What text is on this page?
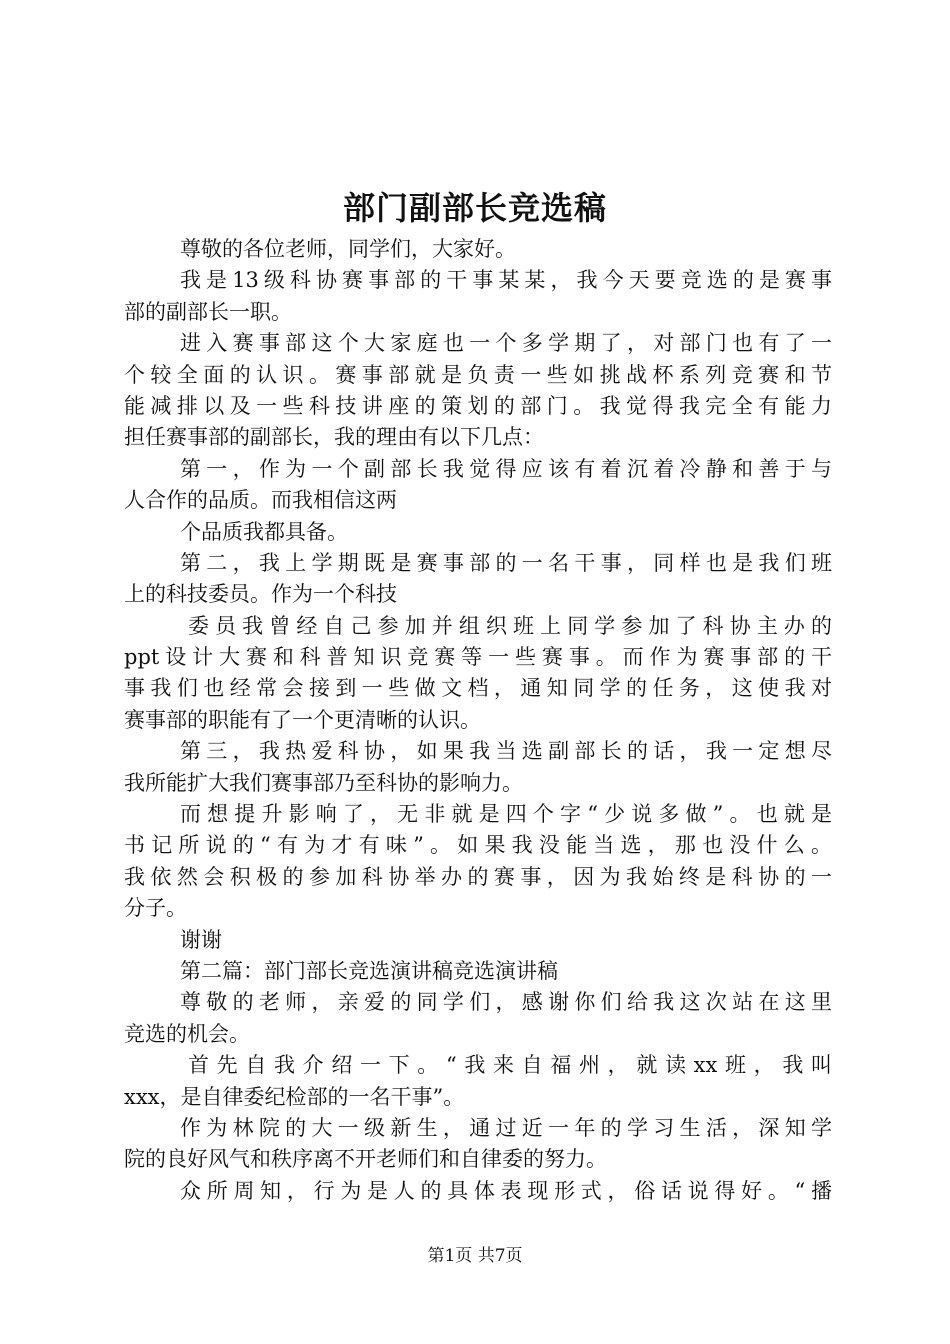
部门副部长竞选稿
尊敬的各位老师，同学们，大家好。
我是13级科协赛事部的干事某某，我今天要竞选的是赛事
部的副部长一职。
进入赛事部这个大家庭也一个多学期了，对部门也有了一
个较全面的认识。赛事部就是负责一些如挑战杯系列竞赛和节
能减排以及一些科技讲座的策划的部门。我觉得我完全有能力
担任赛事部的副部长，我的理由有以下几点：
第一，作为一个副部长我觉得应该有着沉着冷静和善于与
人合作的品质。而我相信这两
个品质我都具备。
第二，我上学期既是赛事部的一名干事，同样也是我们班
上的科技委员。作为一个科技
委员我曾经自己参加并组织班上同学参加了科协主办的
ppt设计大赛和科普知识竞赛等一些赛事。而作为赛事部的干
事我们也经常会接到一些做文档，通知同学的任务，这使我对
赛事部的职能有了一个更清晰的认识。
第三，我热爱科协，如果我当选副部长的话，我一定想尽
我所能扩大我们赛事部乃至科协的影响力。
而想提升影响了，无非就是四个字“少说多做”。也就是
书记所说的“有为才有味”。如果我没能当选，那也没什么。
我依然会积极的参加科协举办的赛事，因为我始终是科协的一
分子。
谢谢
第二篇：部门部长竞选演讲稿竞选演讲稿
尊敬的老师，亲爱的同学们，感谢你们给我这次站在这里
竞选的机会。
首先自我介绍一下。“我来自福州，就读xx班，我叫
xxx，是自律委纪检部的一名干事”。
作为林院的大一级新生，通过近一年的学习生活，深知学
院的良好风气和秩序离不开老师们和自律委的努力。
众所周知，行为是人的具体表现形式，俗话说得好。“播
第1页 共7页
